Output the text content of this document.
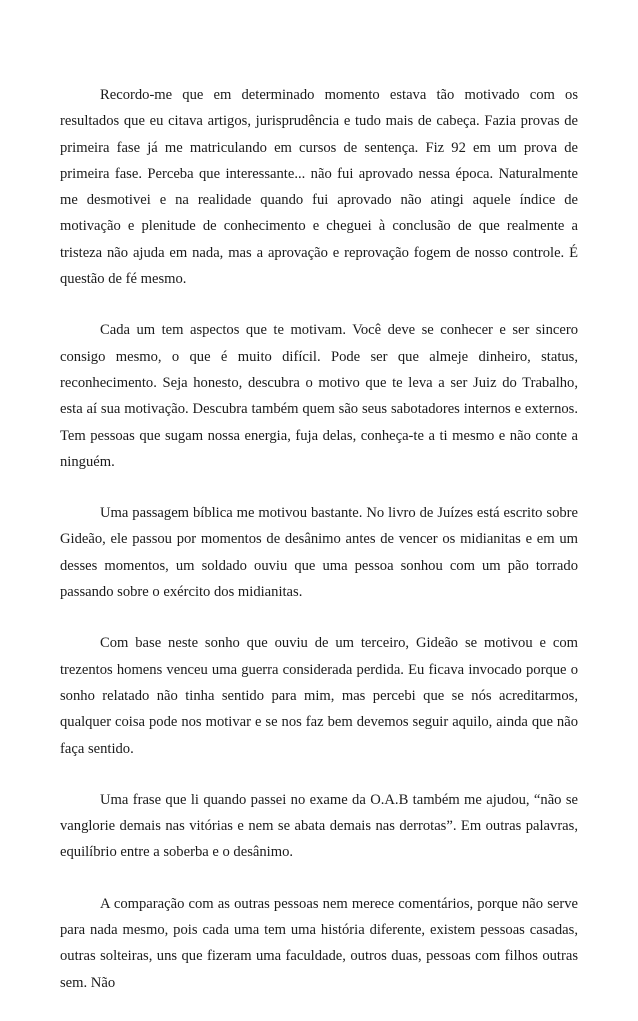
Recordo-me que em determinado momento estava tão motivado com os resultados que eu citava artigos, jurisprudência e tudo mais de cabeça. Fazia provas de primeira fase já me matriculando em cursos de sentença. Fiz 92 em um prova de primeira fase. Perceba que interessante... não fui aprovado nessa época. Naturalmente me desmotivei e na realidade quando fui aprovado não atingi aquele índice de motivação e plenitude de conhecimento e cheguei à conclusão de que realmente a tristeza não ajuda em nada, mas a aprovação e reprovação fogem de nosso controle. É questão de fé mesmo.

Cada um tem aspectos que te motivam. Você deve se conhecer e ser sincero consigo mesmo, o que é muito difícil. Pode ser que almeje dinheiro, status, reconhecimento. Seja honesto, descubra o motivo que te leva a ser Juiz do Trabalho, esta aí sua motivação. Descubra também quem são seus sabotadores internos e externos. Tem pessoas que sugam nossa energia, fuja delas, conheça-te a ti mesmo e não conte a ninguém.

Uma passagem bíblica me motivou bastante. No livro de Juízes está escrito sobre Gideão, ele passou por momentos de desânimo antes de vencer os midianitas e em um desses momentos, um soldado ouviu que uma pessoa sonhou com um pão torrado passando sobre o exército dos midianitas.

Com base neste sonho que ouviu de um terceiro, Gideão se motivou e com trezentos homens venceu uma guerra considerada perdida. Eu ficava invocado porque o sonho relatado não tinha sentido para mim, mas percebi que se nós acreditarmos, qualquer coisa pode nos motivar e se nos faz bem devemos seguir aquilo, ainda que não faça sentido.

Uma frase que li quando passei no exame da O.A.B também me ajudou, “não se vanglorie demais nas vitórias e nem se abata demais nas derrotas”. Em outras palavras, equilíbrio entre a soberba e o desânimo.

A comparação com as outras pessoas nem merece comentários, porque não serve para nada mesmo, pois cada uma tem uma história diferente, existem pessoas casadas, outras solteiras, uns que fizeram uma faculdade, outros duas, pessoas com filhos outras sem. Não
